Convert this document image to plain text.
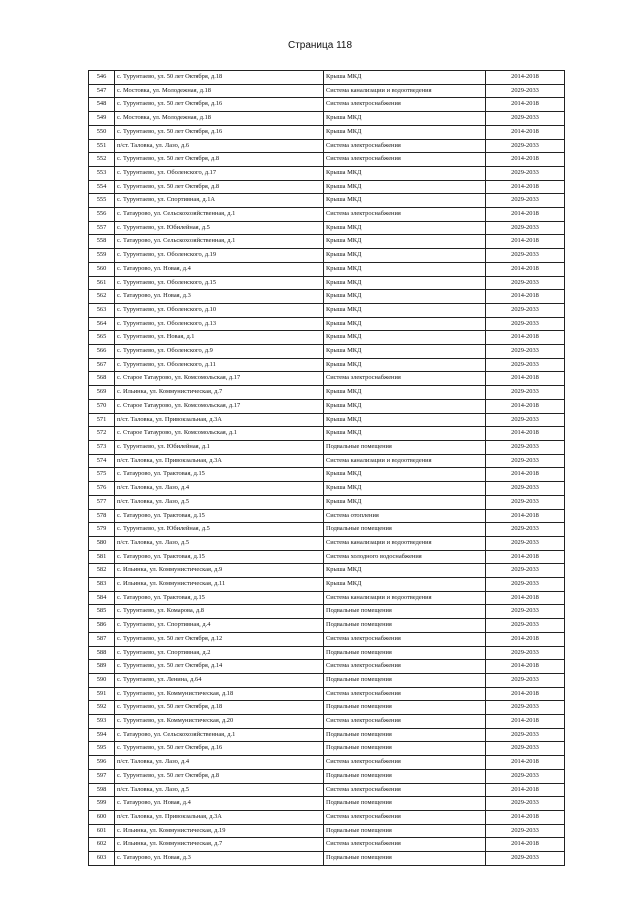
Страница 118
546	с. Турунтаево, ул. 50 лет Октября, д.18	Крыша МКД	2014-2018
547	с. Мостовка, ул. Молодежная, д.18	Система канализации и водоотведения	2029-2033
548	с. Турунтаево, ул. 50 лет Октября, д.16	Система электроснабжения	2014-2018
549	с. Мостовка, ул. Молодежная, д.18	Крыша МКД	2029-2033
550	с. Турунтаево, ул. 50 лет Октября, д.16	Крыша МКД	2014-2018
551	п/ст. Таловка, ул. Лазо, д.6	Система электроснабжения	2029-2033
552	с. Турунтаево, ул. 50 лет Октября, д.8	Система электроснабжения	2014-2018
553	с. Турунтаево, ул. Оболенского, д.17	Крыша МКД	2029-2033
554	с. Турунтаево, ул. 50 лет Октября, д.8	Крыша МКД	2014-2018
555	с. Турунтаево, ул. Спортивная, д.1А	Крыша МКД	2029-2033
556	с. Татаурово, ул. Сельскохозяйственная, д.1	Система электроснабжения	2014-2018
557	с. Турунтаево, ул. Юбилейная, д.5	Крыша МКД	2029-2033
558	с. Татаурово, ул. Сельскохозяйственная, д.1	Крыша МКД	2014-2018
559	с. Турунтаево, ул. Оболенского, д.19	Крыша МКД	2029-2033
560	с. Татаурово, ул. Новая, д.4	Крыша МКД	2014-2018
561	с. Турунтаево, ул. Оболенского, д.15	Крыша МКД	2029-2033
562	с. Татаурово, ул. Новая, д.3	Крыша МКД	2014-2018
563	с. Турунтаево, ул. Оболенского, д.10	Крыша МКД	2029-2033
564	с. Турунтаево, ул. Оболенского, д.13	Крыша МКД	2029-2033
565	с. Турунтаево, ул. Новая, д.1	Крыша МКД	2014-2018
566	с. Турунтаево, ул. Оболенского, д.9	Крыша МКД	2029-2033
567	с. Турунтаево, ул. Оболенского, д.11	Крыша МКД	2029-2033
568	с. Старое Татаурово, ул. Комсомольская, д.17	Система электроснабжения	2014-2018
569	с. Ильинка, ул. Коммунистическая, д.7	Крыша МКД	2029-2033
570	с. Старое Татаурово, ул. Комсомольская, д.17	Крыша МКД	2014-2018
571	п/ст. Таловка, ул. Привокзальная, д.3А	Крыша МКД	2029-2033
572	с. Старое Татаурово, ул. Комсомольская, д.1	Крыша МКД	2014-2018
573	с. Турунтаево, ул. Юбилейная, д.1	Подвальные помещения	2029-2033
574	п/ст. Таловка, ул. Привокзальная, д.3А	Система канализации и водоотведения	2029-2033
575	с. Татаурово, ул. Трактовая, д.15	Крыша МКД	2014-2018
576	п/ст. Таловка, ул. Лазо, д.4	Крыша МКД	2029-2033
577	п/ст. Таловка, ул. Лазо, д.5	Крыша МКД	2029-2033
578	с. Татаурово, ул. Трактовая, д.15	Система отопления	2014-2018
579	с. Турунтаево, ул. Юбилейная, д.5	Подвальные помещения	2029-2033
580	п/ст. Таловка, ул. Лазо, д.5	Система канализации и водоотведения	2029-2033
581	с. Татаурово, ул. Трактовая, д.15	Система холодного водоснабжения	2014-2018
582	с. Ильинка, ул. Коммунистическая, д.9	Крыша МКД	2029-2033
583	с. Ильинка, ул. Коммунистическая, д.11	Крыша МКД	2029-2033
584	с. Татаурово, ул. Трактовая, д.15	Система канализации и водоотведения	2014-2018
585	с. Турунтаево, ул. Комарова, д.8	Подвальные помещения	2029-2033
586	с. Турунтаево, ул. Спортивная, д.4	Подвальные помещения	2029-2033
587	с. Турунтаево, ул. 50 лет Октября, д.12	Система электроснабжения	2014-2018
588	с. Турунтаево, ул. Спортивная, д.2	Подвальные помещения	2029-2033
589	с. Турунтаево, ул. 50 лет Октября, д.14	Система электроснабжения	2014-2018
590	с. Турунтаево, ул. Ленина, д.64	Подвальные помещения	2029-2033
591	с. Турунтаево, ул. Коммунистическая, д.18	Система электроснабжения	2014-2018
592	с. Турунтаево, ул. 50 лет Октября, д.18	Подвальные помещения	2029-2033
593	с. Турунтаево, ул. Коммунистическая, д.20	Система электроснабжения	2014-2018
594	с. Татаурово, ул. Сельскохозяйственная, д.1	Подвальные помещения	2029-2033
595	с. Турунтаево, ул. 50 лет Октября, д.16	Подвальные помещения	2029-2033
596	п/ст. Таловка, ул. Лазо, д.4	Система электроснабжения	2014-2018
597	с. Турунтаево, ул. 50 лет Октября, д.8	Подвальные помещения	2029-2033
598	п/ст. Таловка, ул. Лазо, д.5	Система электроснабжения	2014-2018
599	с. Татаурово, ул. Новая, д.4	Подвальные помещения	2029-2033
600	п/ст. Таловка, ул. Привокзальная, д.3А	Система электроснабжения	2014-2018
601	с. Ильинка, ул. Коммунистическая, д.19	Подвальные помещения	2029-2033
602	с. Ильинка, ул. Коммунистическая, д.7	Система электроснабжения	2014-2018
603	с. Татаурово, ул. Новая, д.3	Подвальные помещения	2029-2033
